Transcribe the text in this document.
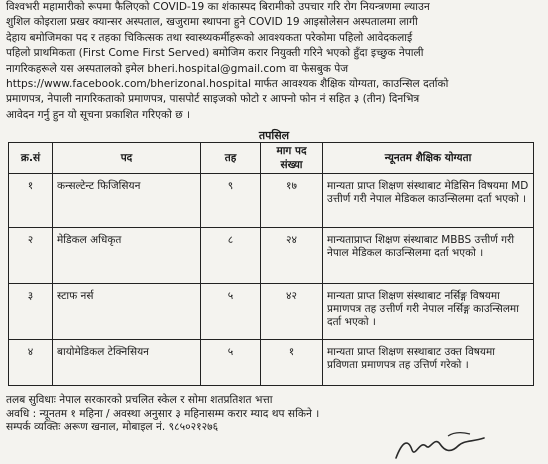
विश्वभरी महामारीको रूपमा फैलिएको COVID-19 का शंकास्पद बिरामीको उपचार गरि रोग नियन्त्रणमा ल्याउन

शुशिल कोइराला प्रखर क्यान्सर अस्पताल, खजुरामा स्थापना हुने COVID 19 आइसोलेसन अस्पतालमा लागी

देहाय बमोजिमका पद र तहका चिकित्सक तथा स्वास्थ्यकर्मीहरूको आवश्यकता परेकोमा पहिलो आवेदकलाई

पहिलो प्राथमिकता (First Come First Served) बमोजिम करार नियुक्ती गरिने भएको हुँदा इच्छुक नेपाली

नागरिकहरूले यस अस्पतालको इमेल bheri.hospital@gmail.com वा फेसबुक पेज

https://www.facebook.com/bherizonal.hospital मार्फत आवश्यक शैक्षिक योग्यता, काउन्सिल दर्ताको

प्रमाणपत्र, नेपाली नागरिकताको प्रमाणपत्र, पासपोर्ट साइजको फोटो र आफ्नो फोन नं सहित ३ (तीन) दिनभित्र

आवेदन गर्नु हुन यो सूचना प्रकाशित गरिएको छ ।

तपसिल
क्र.सं	पद	तह	माग पद संख्या	न्यूनतम शैक्षिक योग्यता
१	कन्सल्टेन्ट फिजिसियन	९	१७	मान्यता प्राप्त शिक्षण संस्थाबाट मेडिसिन विषयमा MD उत्तीर्ण गरी नेपाल मेडिकल काउन्सिलमा दर्ता भएको ।
२	मेडिकल अधिकृत	८	२४	मान्यताप्राप्त शिक्षण संस्थाबाट MBBS उत्तीर्ण गरी नेपाल मेडिकल काउन्सिलमा दर्ता भएको ।
३	स्टाफ नर्स	५	४२	मान्यता प्राप्त शिक्षण संस्थाबाट नर्सिङ्ग विषयमा प्रमाणपत्र तह उत्तीर्ण गरी नेपाल नर्सिङ्ग काउन्सिलमा दर्ता भएको ।
४	बायोमेडिकल टेक्निसियन	५	१	मान्यता प्राप्त शिक्षण सस्थाबाट उक्त विषयमा प्रविणता प्रमाणपत्र तह उत्तिर्ण गरेको ।

तलब सुविधाः नेपाल सरकारको प्रचलित स्केल र सोमा शतप्रतिशत भत्ता

अवधि : न्यूनतम १ महिना / अवस्था अनुसार ३ महिनासम्म करार म्याद थप सकिने ।

सम्पर्क व्यक्तिः अरूण खनाल, मोबाइल नं. ९८५०२१२७६
